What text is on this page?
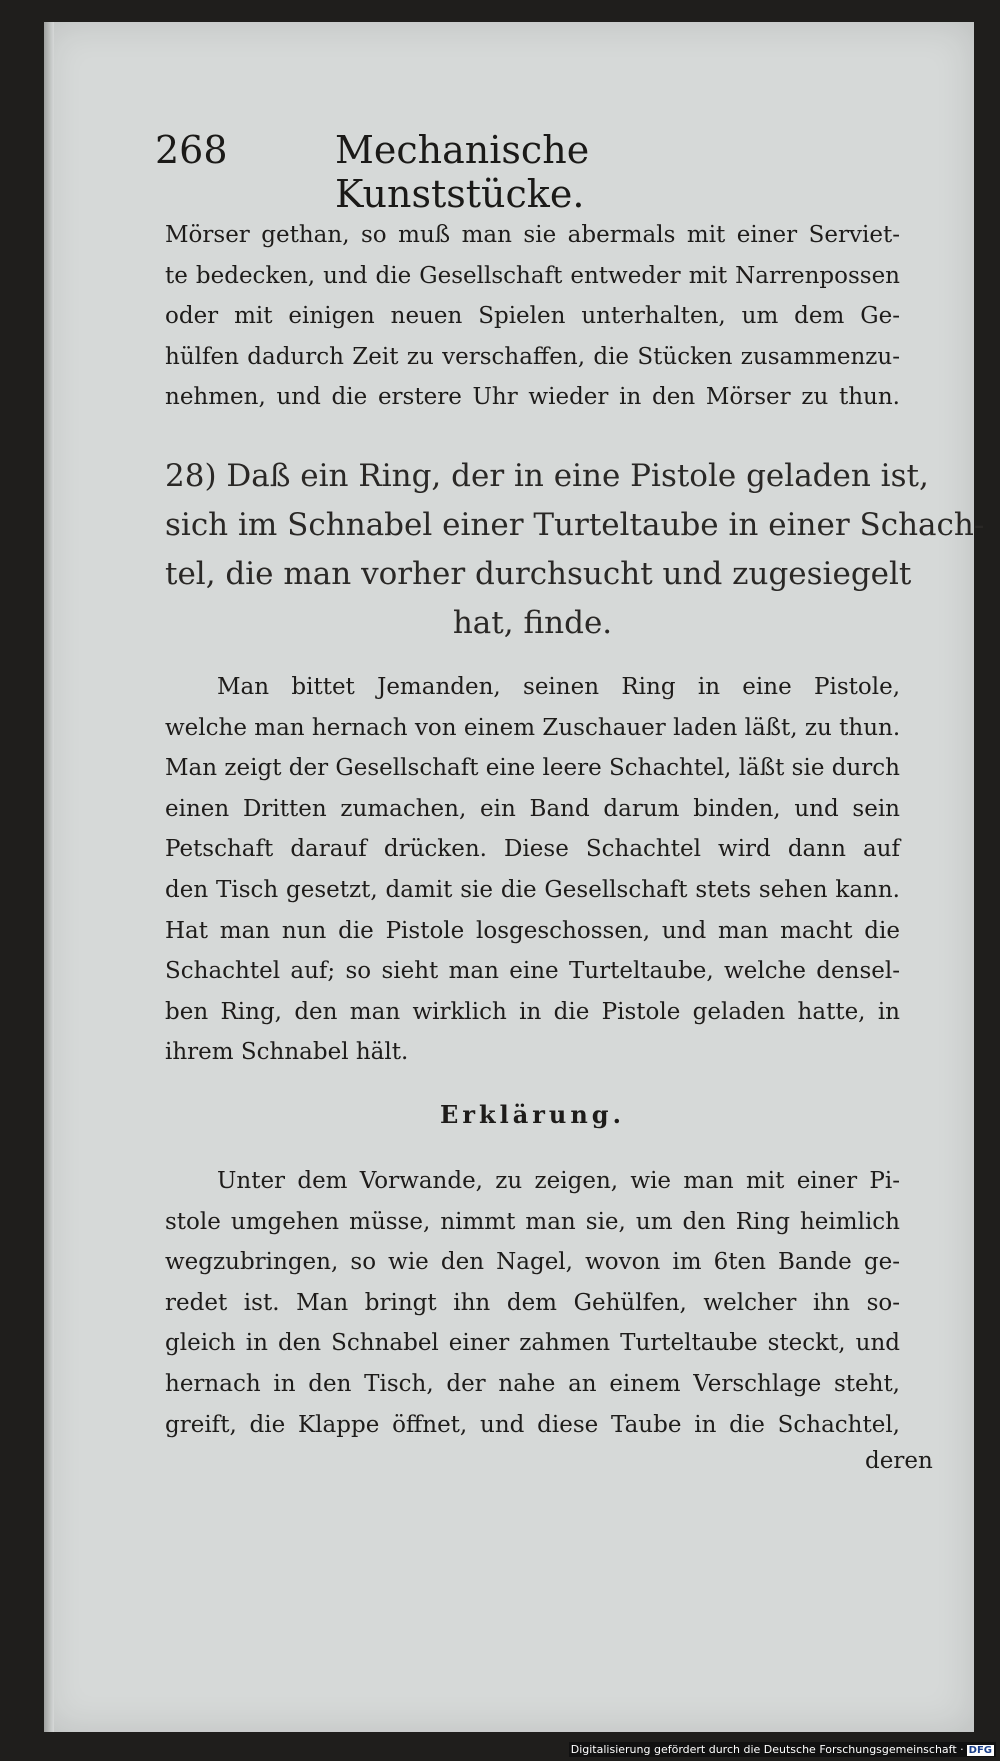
268	Mechanische Kunststücke.
Mörser gethan, so muß man sie abermals mit einer Serviet-
te bedecken, und die Gesellschaft entweder mit Narrenpossen
oder mit einigen neuen Spielen unterhalten, um dem Ge-
hülfen dadurch Zeit zu verschaffen, die Stücken zusammenzu-
nehmen, und die erstere Uhr wieder in den Mörser zu thun.
28) Daß ein Ring, der in eine Pistole geladen ist,
sich im Schnabel einer Turteltaube in einer Schach-
tel, die man vorher durchsucht und zugesiegelt
hat, finde.
Man bittet Jemanden, seinen Ring in eine Pistole,
welche man hernach von einem Zuschauer laden läßt, zu thun.
Man zeigt der Gesellschaft eine leere Schachtel, läßt sie durch
einen Dritten zumachen, ein Band darum binden, und sein
Petschaft darauf drücken. Diese Schachtel wird dann auf
den Tisch gesetzt, damit sie die Gesellschaft stets sehen kann.
Hat man nun die Pistole losgeschossen, und man macht die
Schachtel auf; so sieht man eine Turteltaube, welche densel-
ben Ring, den man wirklich in die Pistole geladen hatte, in
ihrem Schnabel hält.
Erklärung.
Unter dem Vorwande, zu zeigen, wie man mit einer Pi-
stole umgehen müsse, nimmt man sie, um den Ring heimlich
wegzubringen, so wie den Nagel, wovon im 6ten Bande ge-
redet ist. Man bringt ihn dem Gehülfen, welcher ihn so-
gleich in den Schnabel einer zahmen Turteltaube steckt, und
hernach in den Tisch, der nahe an einem Verschlage steht,
greift, die Klappe öffnet, und diese Taube in die Schachtel,
deren
Digitalisierung gefördert durch die Deutsche Forschungsgemeinschaft · DFG
